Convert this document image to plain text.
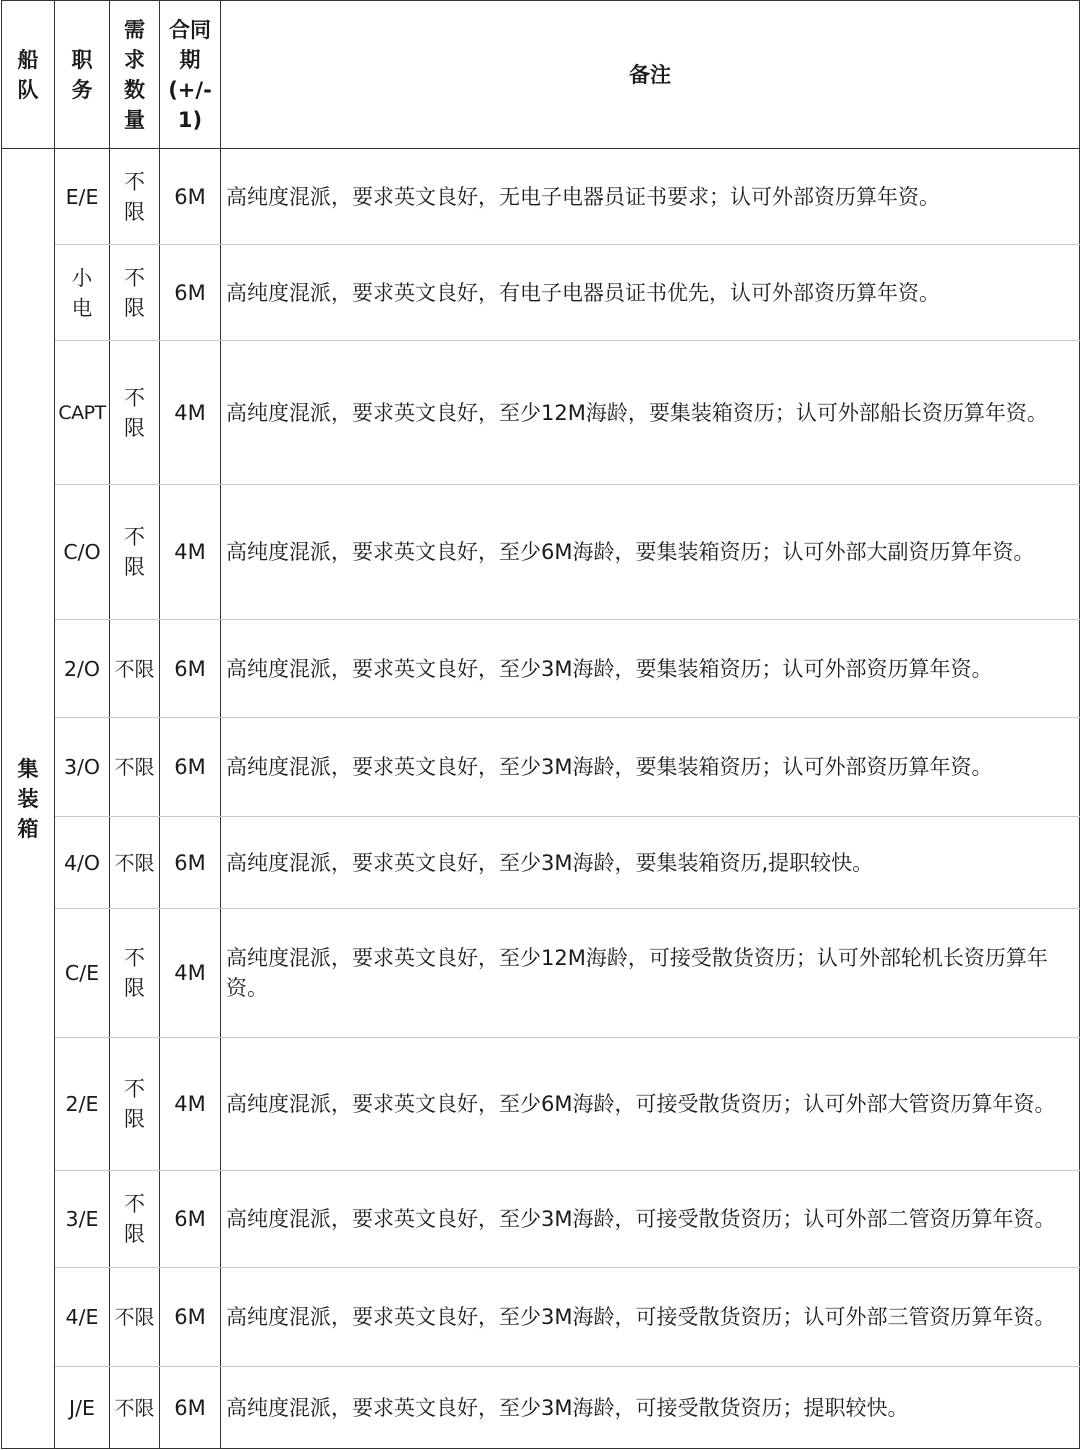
船队	职务	需求数量	合同期(+/-1)	备注
集装箱	E/E	不限	6M	高纯度混派，要求英文良好，无电子电器员证书要求；认可外部资历算年资。
	小电	不限	6M	高纯度混派，要求英文良好，有电子电器员证书优先，认可外部资历算年资。
	CAPT	不限	4M	高纯度混派，要求英文良好，至少12M海龄，要集装箱资历；认可外部船长资历算年资。
	C/O	不限	4M	高纯度混派，要求英文良好，至少6M海龄，要集装箱资历；认可外部大副资历算年资。
	2/O	不限	6M	高纯度混派，要求英文良好，至少3M海龄，要集装箱资历；认可外部资历算年资。
	3/O	不限	6M	高纯度混派，要求英文良好，至少3M海龄，要集装箱资历；认可外部资历算年资。
	4/O	不限	6M	高纯度混派，要求英文良好，至少3M海龄，要集装箱资历,提职较快。
	C/E	不限	4M	高纯度混派，要求英文良好，至少12M海龄，可接受散货资历；认可外部轮机长资历算年资。
	2/E	不限	4M	高纯度混派，要求英文良好，至少6M海龄，可接受散货资历；认可外部大管资历算年资。
	3/E	不限	6M	高纯度混派，要求英文良好，至少3M海龄，可接受散货资历；认可外部二管资历算年资。
	4/E	不限	6M	高纯度混派，要求英文良好，至少3M海龄，可接受散货资历；认可外部三管资历算年资。
	J/E	不限	6M	高纯度混派，要求英文良好，至少3M海龄，可接受散货资历；提职较快。
